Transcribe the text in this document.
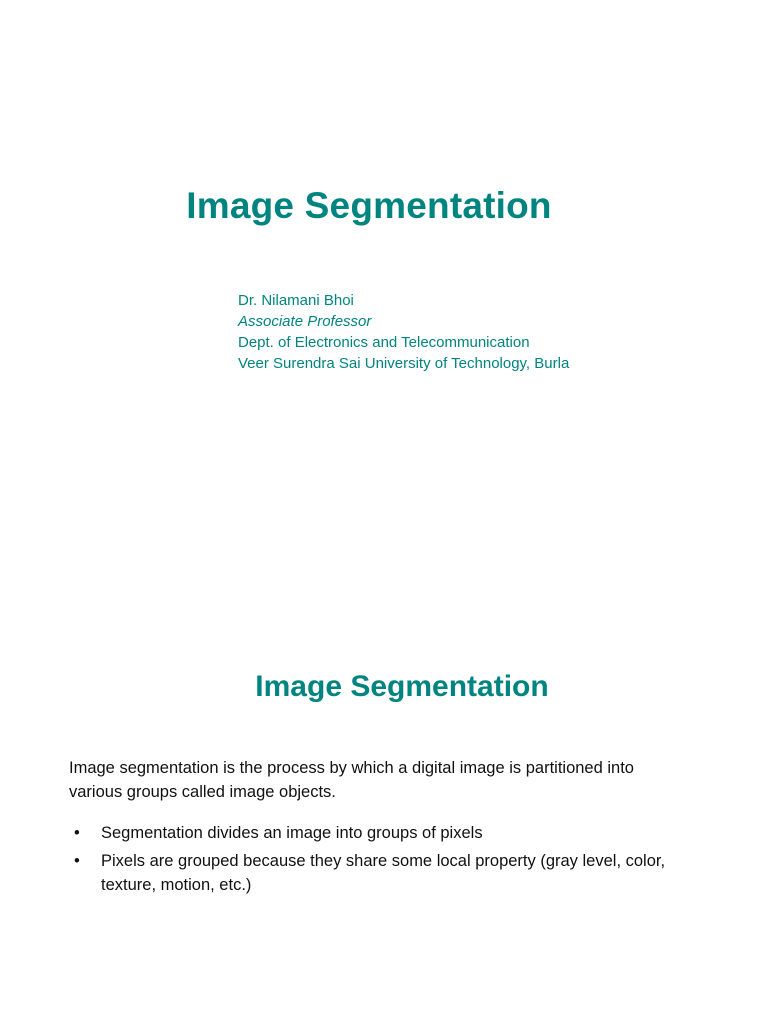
Image Segmentation
Dr. Nilamani Bhoi
Associate Professor
Dept. of Electronics and Telecommunication
Veer Surendra Sai University of Technology, Burla
Image Segmentation

Image segmentation is the process by which a digital image is partitioned into various groups called image objects.

• Segmentation divides an image into groups of pixels
• Pixels are grouped because they share some local property (gray level, color, texture, motion, etc.)
